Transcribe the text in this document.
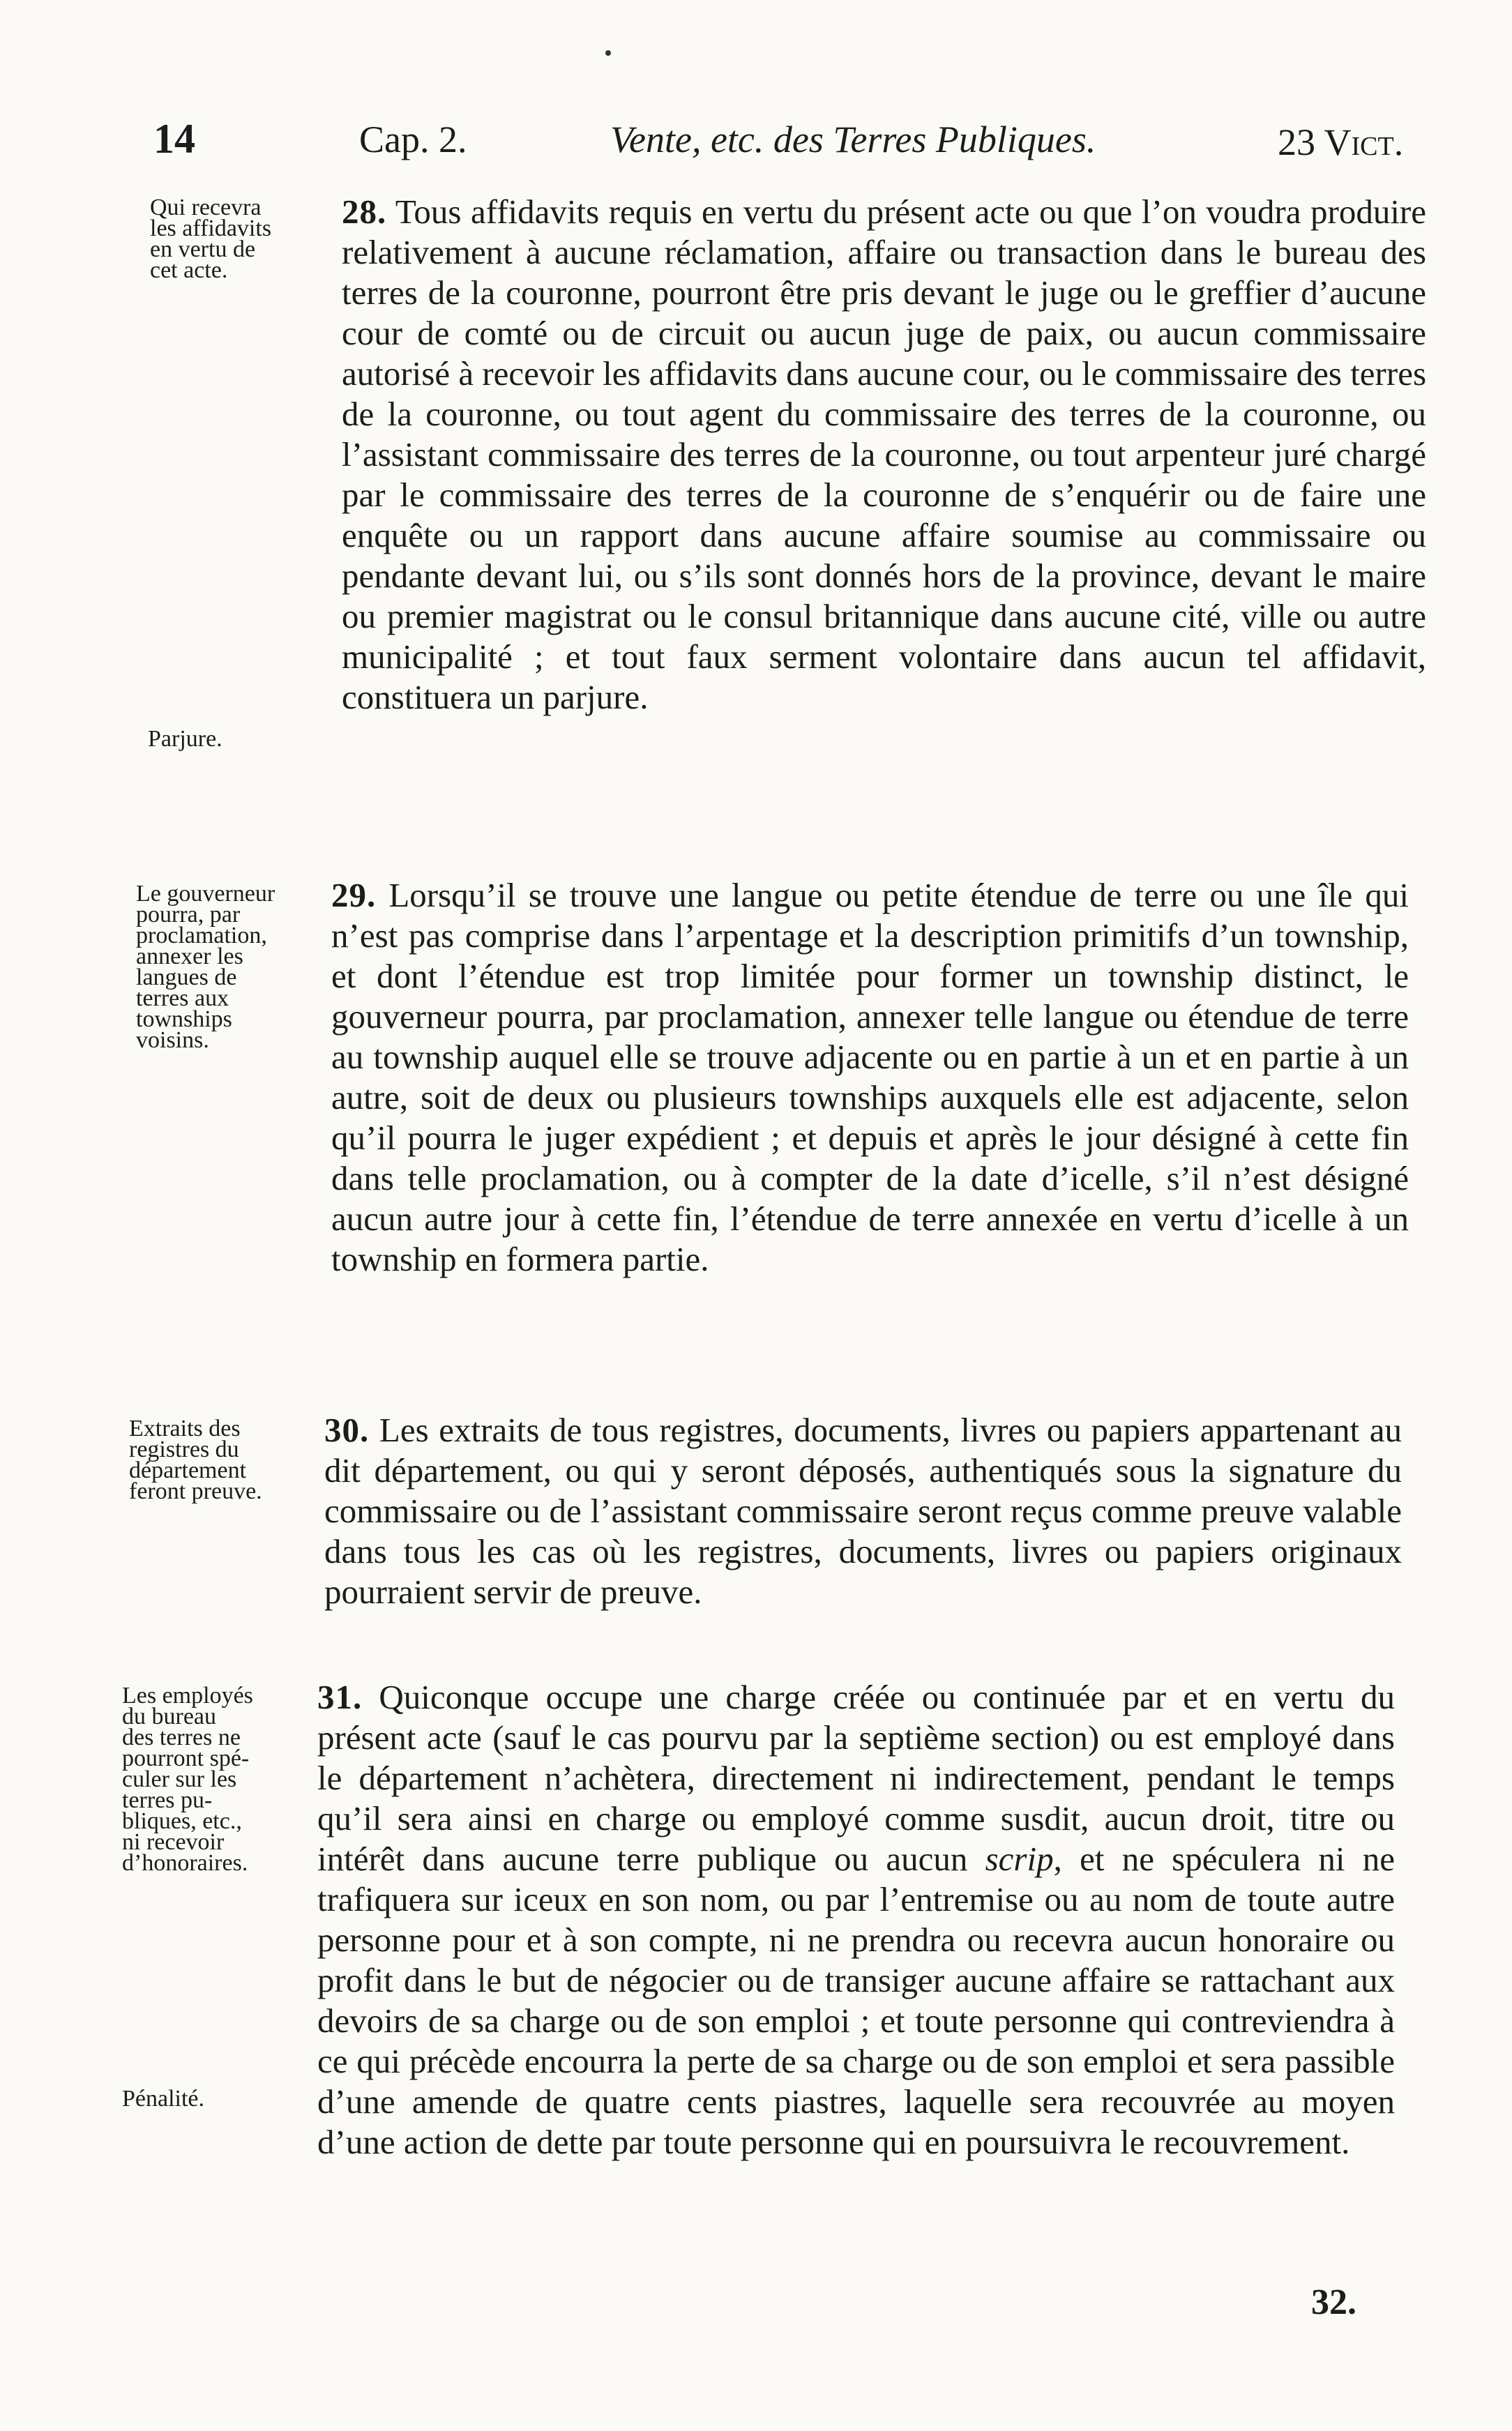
14	Cap. 2.	Vente, etc. des Terres Publiques.	23 Vict.
Qui recevra
les affidavits
en vertu de
cet acte.
Parjure.
28. Tous affidavits requis en vertu du présent acte ou que l’on voudra produire relativement à aucune réclamation, affaire ou transaction dans le bureau des terres de la couronne, pourront être pris devant le juge ou le greffier d’aucune cour de comté ou de circuit ou aucun juge de paix, ou aucun commissaire autorisé à recevoir les affidavits dans aucune cour, ou le commissaire des terres de la couronne, ou tout agent du commissaire des terres de la couronne, ou l’assistant commissaire des terres de la couronne, ou tout arpenteur juré chargé par le commissaire des terres de la couronne de s’enquérir ou de faire une enquête ou un rapport dans aucune affaire soumise au commissaire ou pendante devant lui, ou s’ils sont donnés hors de la province, devant le maire ou premier magistrat ou le consul britannique dans aucune cité, ville ou autre municipalité ; et tout faux serment volontaire dans aucun tel affidavit, constituera un parjure.
Le gouverneur
pourra, par
proclamation,
annexer les
langues de
terres aux
townships
voisins.
29. Lorsqu’il se trouve une langue ou petite étendue de terre ou une île qui n’est pas comprise dans l’arpentage et la description primitifs d’un township, et dont l’étendue est trop limitée pour former un township distinct, le gouverneur pourra, par proclamation, annexer telle langue ou étendue de terre au township auquel elle se trouve adjacente ou en partie à un et en partie à un autre, soit de deux ou plusieurs townships auxquels elle est adjacente, selon qu’il pourra le juger expédient ; et depuis et après le jour désigné à cette fin dans telle proclamation, ou à compter de la date d’icelle, s’il n’est désigné aucun autre jour à cette fin, l’étendue de terre annexée en vertu d’icelle à un township en formera partie.
Extraits des
registres du
département
feront preuve.
30. Les extraits de tous registres, documents, livres ou papiers appartenant au dit département, ou qui y seront déposés, authentiqués sous la signature du commissaire ou de l’assistant commissaire seront reçus comme preuve valable dans tous les cas où les registres, documents, livres ou papiers originaux pourraient servir de preuve.
Les employés
du bureau
des terres ne
pourront spé-
culer sur les
terres pu-
bliques, etc.,
ni recevoir
d’honoraires.
Pénalité.
31. Quiconque occupe une charge créée ou continuée par et en vertu du présent acte (sauf le cas pourvu par la septième section) ou est employé dans le département n’achètera, directement ni indirectement, pendant le temps qu’il sera ainsi en charge ou employé comme susdit, aucun droit, titre ou intérêt dans aucune terre publique ou aucun scrip, et ne spéculera ni ne trafiquera sur iceux en son nom, ou par l’entremise ou au nom de toute autre personne pour et à son compte, ni ne prendra ou recevra aucun honoraire ou profit dans le but de négocier ou de transiger aucune affaire se rattachant aux devoirs de sa charge ou de son emploi ; et toute personne qui contreviendra à ce qui précède encourra la perte de sa charge ou de son emploi et sera passible d’une amende de quatre cents piastres, laquelle sera recouvrée au moyen d’une action de dette par toute personne qui en poursuivra le recouvrement.
32.
